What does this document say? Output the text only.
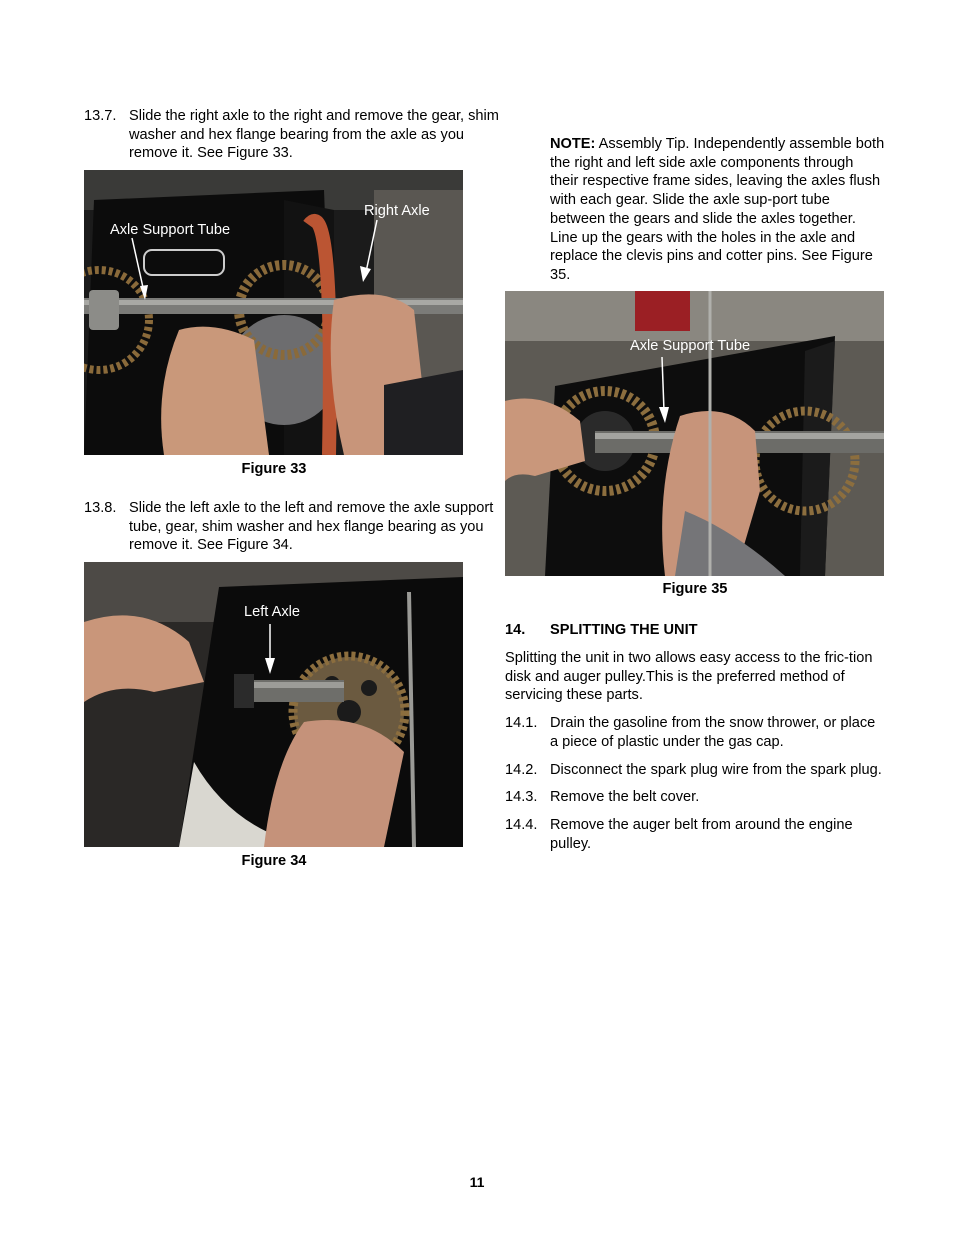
13.7. Slide the right axle to the right and remove the gear, shim washer and hex flange bearing from the axle as you remove it. See Figure 33.

Axle Support Tube
Right Axle

Figure 33

13.8. Slide the left axle to the left and remove the axle support tube, gear, shim washer and hex flange bearing as you remove it. See Figure 34.

Left Axle

Figure 34

NOTE: Assembly Tip. Independently assemble both the right and left side axle components through their respective frame sides, leaving the axles flush with each gear. Slide the axle sup-port tube between the gears and slide the axles together. Line up the gears with the holes in the axle and replace the clevis pins and cotter pins. See Figure 35.

Axle Support Tube

Figure 35

14. SPLITTING THE UNIT

Splitting the unit in two allows easy access to the fric-tion disk and auger pulley.This is the preferred method of servicing these parts.

14.1. Drain the gasoline from the snow thrower, or place a piece of plastic under the gas cap.

14.2. Disconnect the spark plug wire from the spark plug.

14.3. Remove the belt cover.

14.4. Remove the auger belt from around the engine pulley.

11
